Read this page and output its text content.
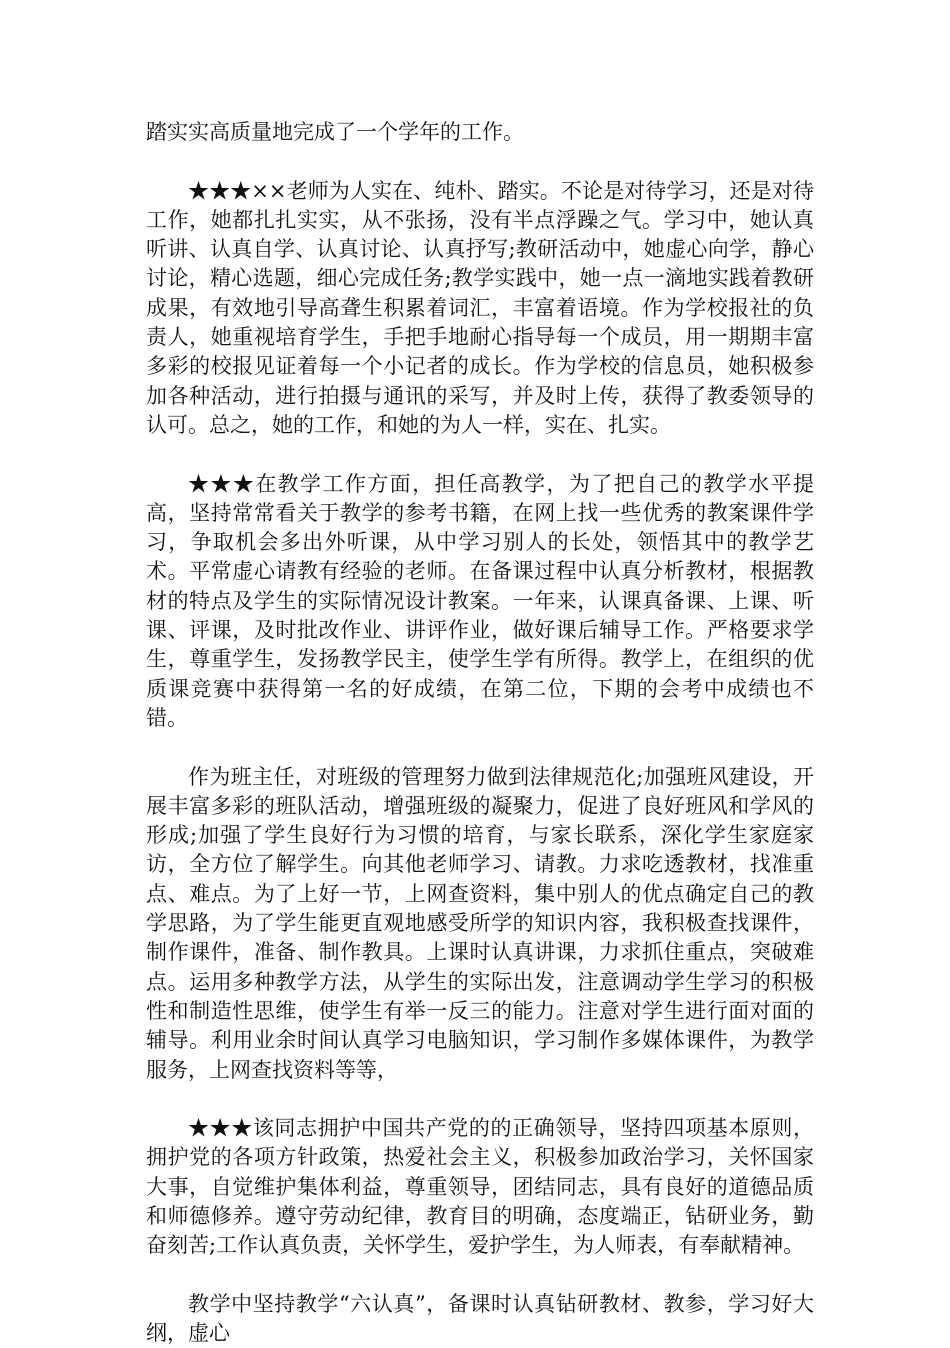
踏实实高质量地完成了一个学年的工作。

★★★××老师为人实在、纯朴、踏实。不论是对待学习，还是对待工作，她都扎扎实实，从不张扬，没有半点浮躁之气。学习中，她认真听讲、认真自学、认真讨论、认真抒写;教研活动中，她虚心向学，静心讨论，精心选题，细心完成任务;教学实践中，她一点一滴地实践着教研成果，有效地引导高聋生积累着词汇，丰富着语境。作为学校报社的负责人，她重视培育学生，手把手地耐心指导每一个成员，用一期期丰富多彩的校报见证着每一个小记者的成长。作为学校的信息员，她积极参加各种活动，进行拍摄与通讯的采写，并及时上传，获得了教委领导的认可。总之，她的工作，和她的为人一样，实在、扎实。

★★★在教学工作方面，担任高教学，为了把自己的教学水平提高，坚持常常看关于教学的参考书籍，在网上找一些优秀的教案课件学习，争取机会多出外听课，从中学习别人的长处，领悟其中的教学艺术。平常虚心请教有经验的老师。在备课过程中认真分析教材，根据教材的特点及学生的实际情况设计教案。一年来，认课真备课、上课、听课、评课，及时批改作业、讲评作业，做好课后辅导工作。严格要求学生，尊重学生，发扬教学民主，使学生学有所得。教学上，在组织的优质课竞赛中获得第一名的好成绩，在第二位，下期的会考中成绩也不错。

作为班主任，对班级的管理努力做到法律规范化;加强班风建设，开展丰富多彩的班队活动，增强班级的凝聚力，促进了良好班风和学风的形成;加强了学生良好行为习惯的培育，与家长联系，深化学生家庭家访，全方位了解学生。向其他老师学习、请教。力求吃透教材，找准重点、难点。为了上好一节，上网查资料，集中别人的优点确定自己的教学思路，为了学生能更直观地感受所学的知识内容，我积极查找课件，制作课件，准备、制作教具。上课时认真讲课，力求抓住重点，突破难点。运用多种教学方法，从学生的实际出发，注意调动学生学习的积极性和制造性思维，使学生有举一反三的能力。注意对学生进行面对面的辅导。利用业余时间认真学习电脑知识，学习制作多媒体课件，为教学服务，上网查找资料等等，

★★★该同志拥护中国共产党的的正确领导，坚持四项基本原则，拥护党的各项方针政策，热爱社会主义，积极参加政治学习，关怀国家大事，自觉维护集体利益，尊重领导，团结同志，具有良好的道德品质和师德修养。遵守劳动纪律，教育目的明确，态度端正，钻研业务，勤奋刻苦;工作认真负责，关怀学生，爱护学生，为人师表，有奉献精神。

教学中坚持教学“六认真”，备课时认真钻研教材、教参，学习好大纲，虚心
